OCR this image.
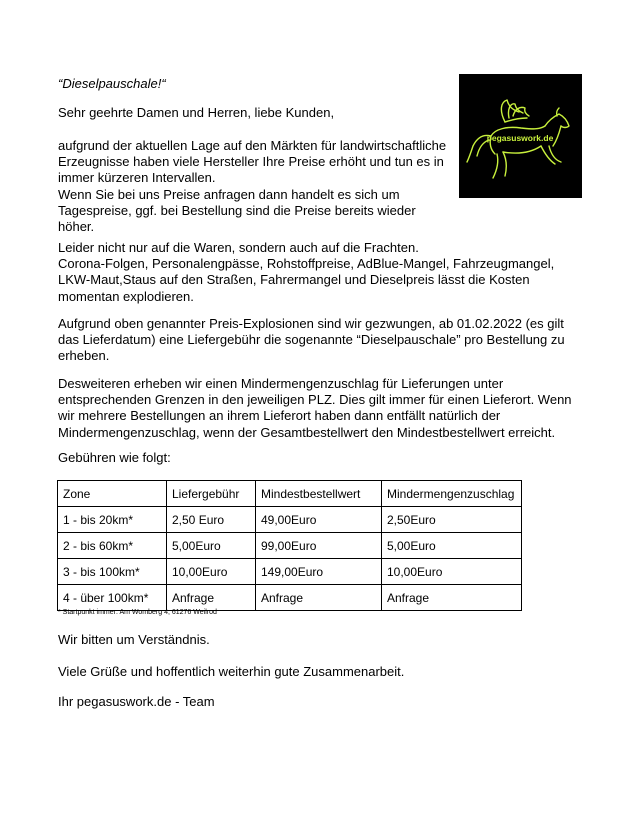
“Dieselpauschale!“
pegasuswork.de
Sehr geehrte Damen und Herren, liebe Kunden,

aufgrund der aktuellen Lage auf den Märkten für landwirtschaftliche
Erzeugnisse haben viele Hersteller Ihre Preise erhöht und tun es in
immer kürzeren Intervallen.
Wenn Sie bei uns Preise anfragen dann handelt es sich um
Tagespreise, ggf. bei Bestellung sind die Preise bereits wieder
höher.

Leider nicht nur auf die Waren, sondern auch auf die Frachten.
Corona-Folgen, Personalengpässe, Rohstoffpreise, AdBlue-Mangel, Fahrzeugmangel,
LKW-Maut,Staus auf den Straßen, Fahrermangel und Dieselpreis lässt die Kosten
momentan explodieren.

Aufgrund oben genannter Preis-Explosionen sind wir gezwungen, ab 01.02.2022 (es gilt
das Lieferdatum) eine Liefergebühr die sogenannte “Dieselpauschale” pro Bestellung zu
erheben.

Desweiteren erheben wir einen Mindermengenzuschlag für Lieferungen unter
entsprechenden Grenzen in den jeweiligen PLZ. Dies gilt immer für einen Lieferort. Wenn
wir mehrere Bestellungen an ihrem Lieferort haben dann entfällt natürlich der
Mindermengenzuschlag, wenn der Gesamtbestellwert den Mindestbestellwert erreicht.

Gebühren wie folgt:
Zone	Liefergebühr	Mindestbestellwert	Mindermengenzuschlag
1 - bis 20km*	2,50 Euro	49,00Euro	2,50Euro
2 - bis 60km*	5,00Euro	99,00Euro	5,00Euro
3 - bis 100km*	10,00Euro	149,00Euro	10,00Euro
4 - über 100km*	Anfrage	Anfrage	Anfrage
* Startpunkt immer: Am Womberg 4, 61276 Weilrod
Wir bitten um Verständnis.
Viele Grüße und hoffentlich weiterhin gute Zusammenarbeit.
Ihr pegasuswork.de - Team
